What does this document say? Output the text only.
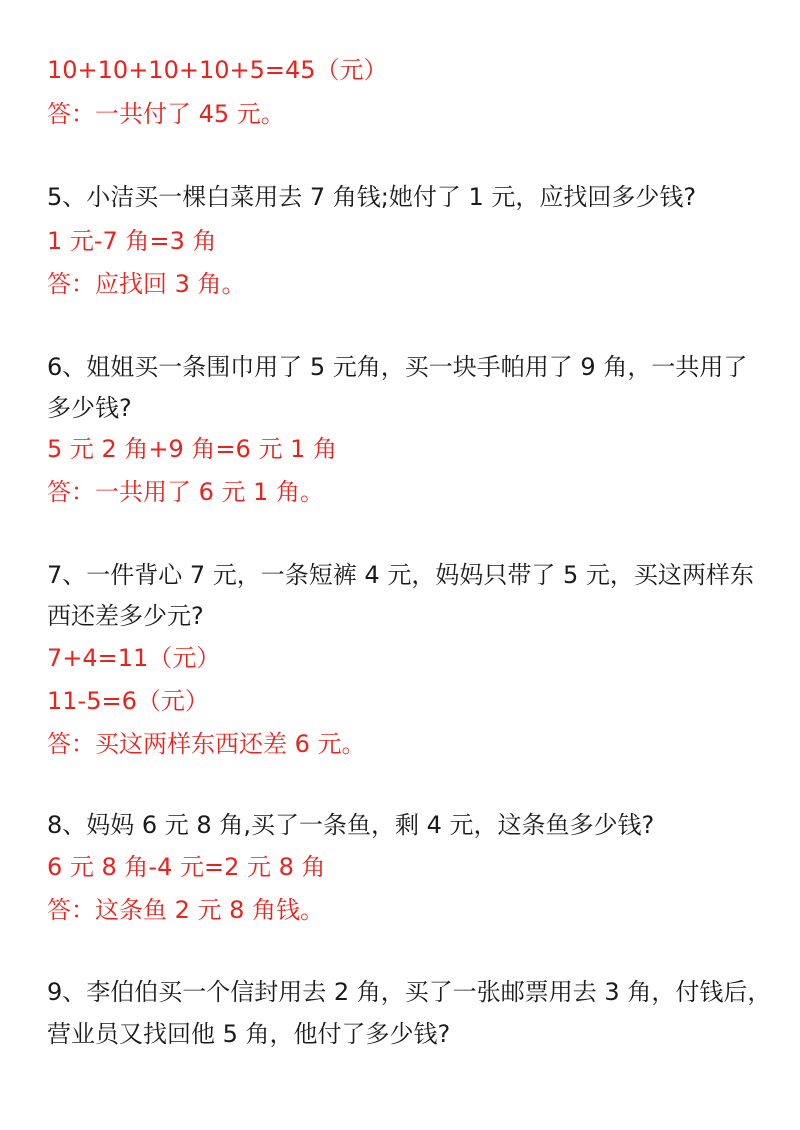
10+10+10+10+5=45（元）
答：一共付了 45 元。
5、小洁买一棵白菜用去 7 角钱;她付了 1 元，应找回多少钱?
1 元-7 角=3 角
答：应找回 3 角。
6、姐姐买一条围巾用了 5 元角，买一块手帕用了 9 角，一共用了
多少钱?
5 元 2 角+9 角=6 元 1 角
答：一共用了 6 元 1 角。
7、一件背心 7 元，一条短裤 4 元，妈妈只带了 5 元，买这两样东
西还差多少元?
7+4=11（元）
11-5=6（元）
答：买这两样东西还差 6 元。
8、妈妈 6 元 8 角,买了一条鱼，剩 4 元，这条鱼多少钱?
6 元 8 角-4 元=2 元 8 角
答：这条鱼 2 元 8 角钱。
9、李伯伯买一个信封用去 2 角，买了一张邮票用去 3 角，付钱后，
营业员又找回他 5 角，他付了多少钱?
